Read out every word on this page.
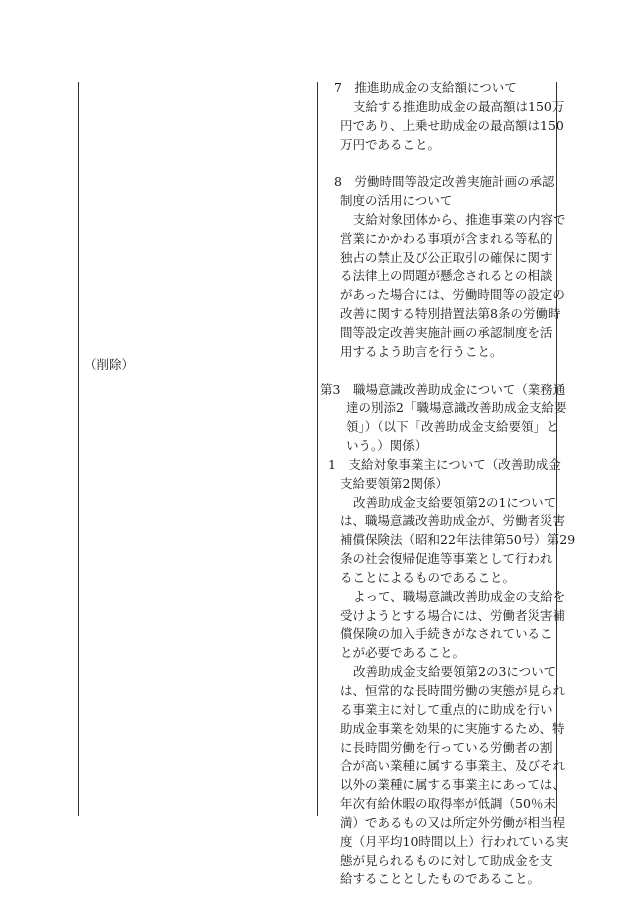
（削除）
7　推進助成金の支給額について
支給する推進助成金の最高額は150万
円であり、上乗せ助成金の最高額は150
万円であること。
8　労働時間等設定改善実施計画の承認
制度の活用について
支給対象団体から、推進事業の内容で
営業にかかわる事項が含まれる等私的
独占の禁止及び公正取引の確保に関す
る法律上の問題が懸念されるとの相談
があった場合には、労働時間等の設定の
改善に関する特別措置法第8条の労働時
間等設定改善実施計画の承認制度を活
用するよう助言を行うこと。
第3　職場意識改善助成金について（業務通
達の別添2「職場意識改善助成金支給要
領」）（以下「改善助成金支給要領」と
いう。）関係）
1　支給対象事業主について（改善助成金
支給要領第2関係）
改善助成金支給要領第2の1について
は、職場意識改善助成金が、労働者災害
補償保険法（昭和22年法律第50号）第29
条の社会復帰促進等事業として行われ
ることによるものであること。
よって、職場意識改善助成金の支給を
受けようとする場合には、労働者災害補
償保険の加入手続きがなされているこ
とが必要であること。
改善助成金支給要領第2の3について
は、恒常的な長時間労働の実態が見られ
る事業主に対して重点的に助成を行い
助成金事業を効果的に実施するため、特
に長時間労働を行っている労働者の割
合が高い業種に属する事業主、及びそれ
以外の業種に属する事業主にあっては、
年次有給休暇の取得率が低調（50％未
満）であるもの又は所定外労働が相当程
度（月平均10時間以上）行われている実
態が見られるものに対して助成金を支
給することとしたものであること。
